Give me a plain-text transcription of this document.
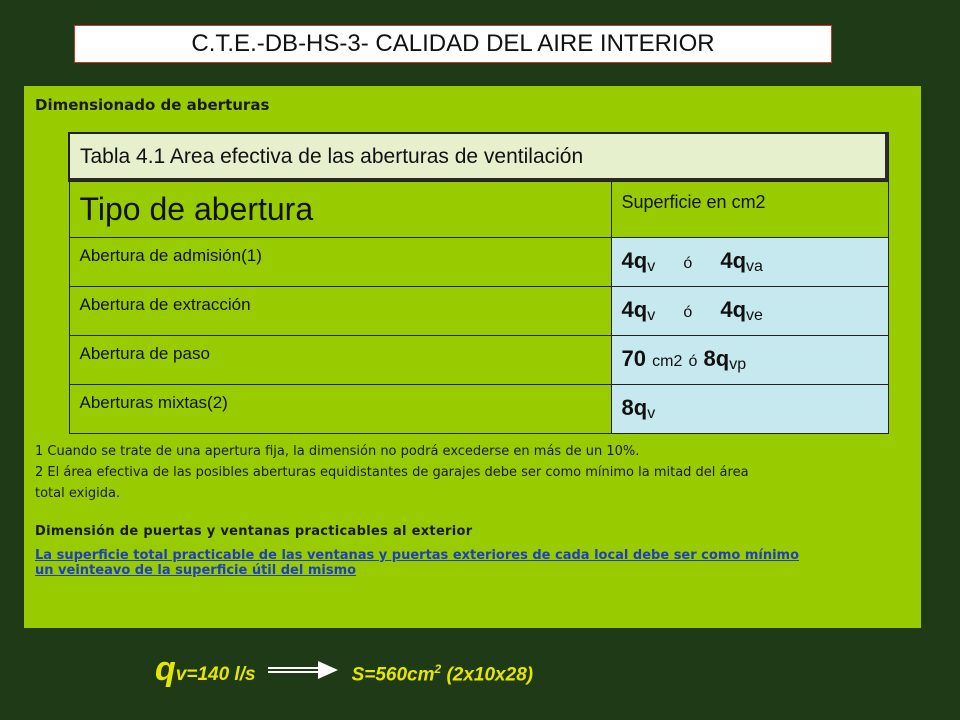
C.T.E.-DB-HS-3- CALIDAD DEL AIRE INTERIOR
Dimensionado de aberturas
Tabla 4.1 Area efectiva de las aberturas de ventilación	
Tipo de abertura	Superficie en cm2
Abertura de admisión(1)	4qv ó 4qva
Abertura de extracción	4qv ó 4qve
Abertura de paso	70 cm2 ó 8qvp
Aberturas mixtas(2)	8qv

1 Cuando se trate de una apertura fija, la dimensión no podrá excederse en más de un 10%.

2 El área efectiva de las posibles aberturas equidistantes de garajes debe ser como mínimo la mitad del área

total exigida.

Dimensión de puertas y ventanas practicables al exterior
La superficie total practicable de las ventanas y puertas exteriores de cada local debe ser como mínimo
un veinteavo de la superficie útil del mismo
q v=140 l/s	$S=560cm^2$ (2x10x28)
